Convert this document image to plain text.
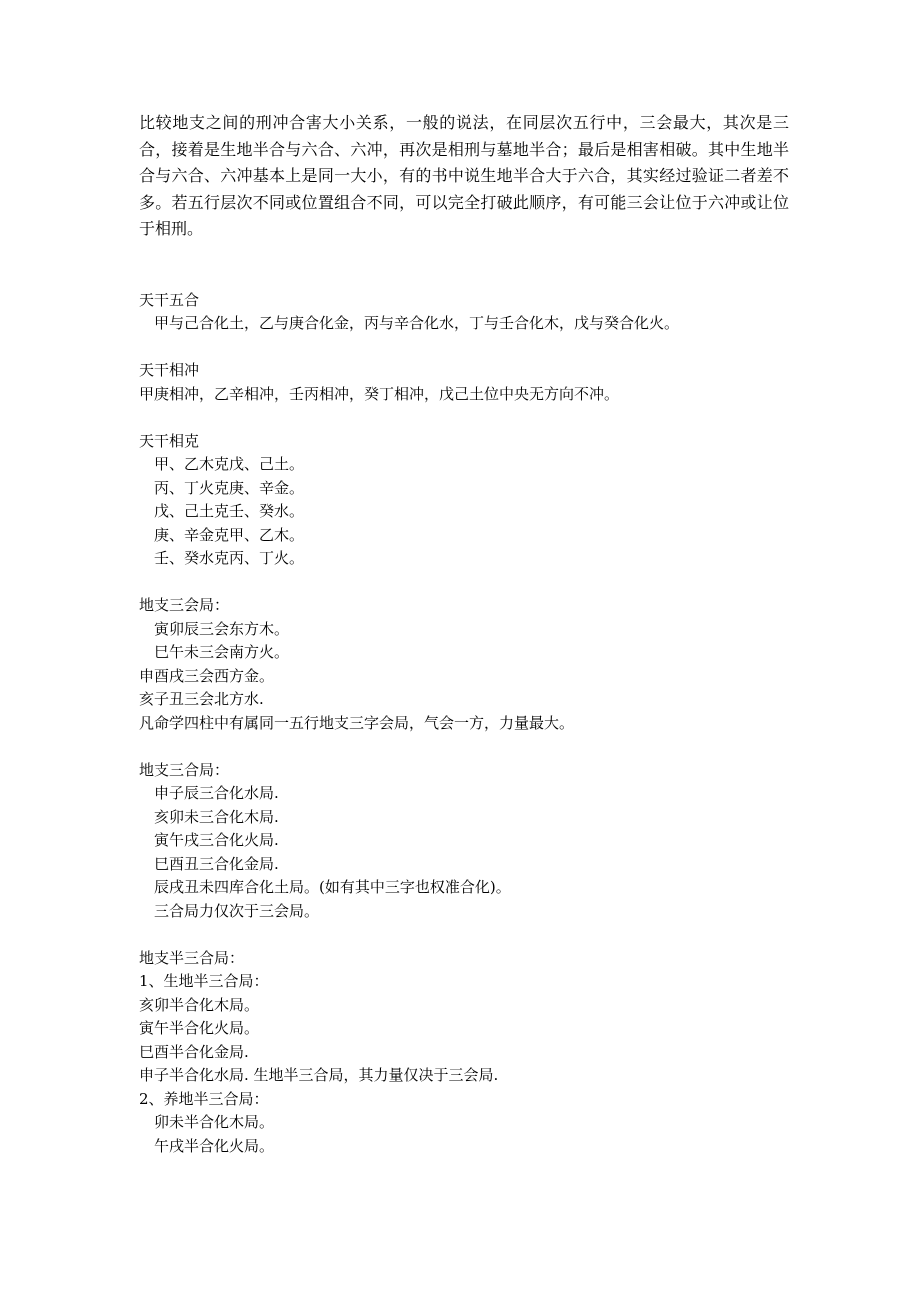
比较地支之间的刑冲合害大小关系，一般的说法，在同层次五行中，三会最大，其次是三合，接着是生地半合与六合、六冲，再次是相刑与墓地半合；最后是相害相破。其中生地半合与六合、六冲基本上是同一大小，有的书中说生地半合大于六合，其实经过验证二者差不多。若五行层次不同或位置组合不同，可以完全打破此顺序，有可能三会让位于六冲或让位于相刑。

天干五合

甲与己合化土，乙与庚合化金，丙与辛合化水，丁与壬合化木，戊与癸合化火。

天干相冲

甲庚相冲，乙辛相冲，壬丙相冲，癸丁相冲，戊己土位中央无方向不冲。

天干相克

甲、乙木克戊、己土。

丙、丁火克庚、辛金。

戊、己土克壬、癸水。

庚、辛金克甲、乙木。

壬、癸水克丙、丁火。

地支三会局：

寅卯辰三会东方木。

巳午未三会南方火。

申酉戌三会西方金。

亥子丑三会北方水.

凡命学四柱中有属同一五行地支三字会局，气会一方，力量最大。

地支三合局：

申子辰三合化水局.

亥卯未三合化木局.

寅午戌三合化火局.

巳酉丑三合化金局.

辰戌丑未四库合化土局。(如有其中三字也权准合化)。

三合局力仅次于三会局。

地支半三合局：

1、生地半三合局：

亥卯半合化木局。

寅午半合化火局。

巳酉半合化金局.

申子半合化水局. 生地半三合局，其力量仅决于三会局.

2、养地半三合局：

卯未半合化木局。

午戌半合化火局。
